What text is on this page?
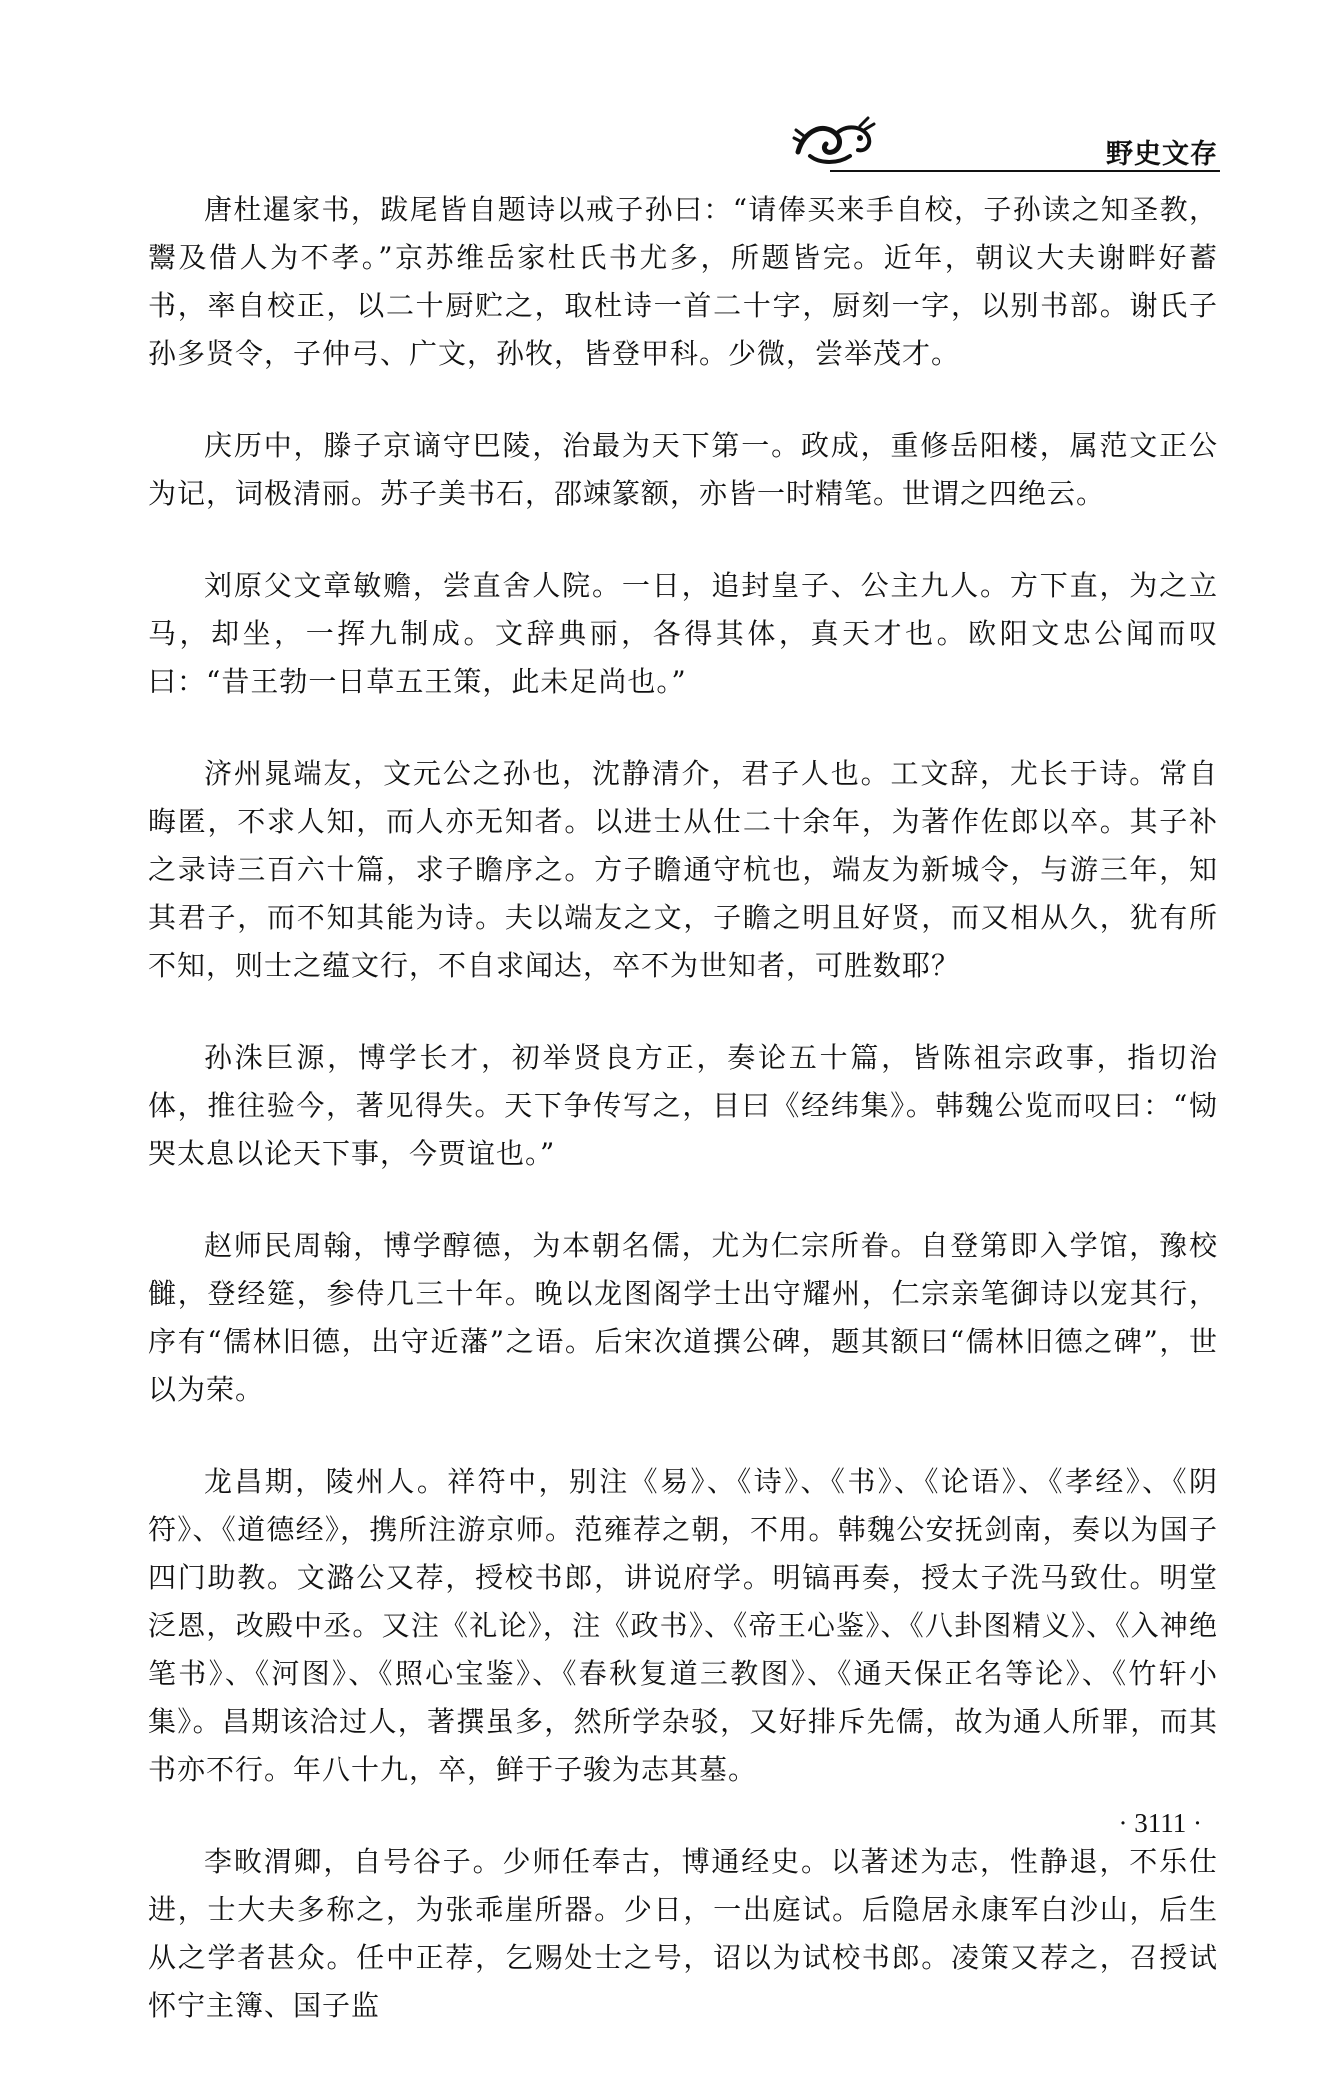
野史文存

唐杜暹家书，跋尾皆自题诗以戒子孙曰：“请俸买来手自校，子孙读之知圣教，鬻及借人为不孝。”京苏维岳家杜氏书尤多，所题皆完。近年，朝议大夫谢畔好蓄书，率自校正，以二十厨贮之，取杜诗一首二十字，厨刻一字，以别书部。谢氏子孙多贤令，子仲弓、广文，孙牧，皆登甲科。少微，尝举茂才。

庆历中，滕子京谪守巴陵，治最为天下第一。政成，重修岳阳楼，属范文正公为记，词极清丽。苏子美书石，邵竦篆额，亦皆一时精笔。世谓之四绝云。

刘原父文章敏赡，尝直舍人院。一日，追封皇子、公主九人。方下直，为之立马，却坐，一挥九制成。文辞典丽，各得其体，真天才也。欧阳文忠公闻而叹曰：“昔王勃一日草五王策，此未足尚也。”

济州晁端友，文元公之孙也，沈静清介，君子人也。工文辞，尤长于诗。常自晦匿，不求人知，而人亦无知者。以进士从仕二十余年，为著作佐郎以卒。其子补之录诗三百六十篇，求子瞻序之。方子瞻通守杭也，端友为新城令，与游三年，知其君子，而不知其能为诗。夫以端友之文，子瞻之明且好贤，而又相从久，犹有所不知，则士之蕴文行，不自求闻达，卒不为世知者，可胜数耶？

孙洙巨源，博学长才，初举贤良方正，奏论五十篇，皆陈祖宗政事，指切治体，推往验今，著见得失。天下争传写之，目曰《经纬集》。韩魏公览而叹曰：“恸哭太息以论天下事，今贾谊也。”

赵师民周翰，博学醇德，为本朝名儒，尤为仁宗所眷。自登第即入学馆，豫校雠，登经筵，参侍几三十年。晚以龙图阁学士出守耀州，仁宗亲笔御诗以宠其行，序有“儒林旧德，出守近藩”之语。后宋次道撰公碑，题其额曰“儒林旧德之碑”，世以为荣。

龙昌期，陵州人。祥符中，别注《易》、《诗》、《书》、《论语》、《孝经》、《阴符》、《道德经》，携所注游京师。范雍荐之朝，不用。韩魏公安抚剑南，奏以为国子四门助教。文潞公又荐，授校书郎，讲说府学。明镐再奏，授太子洗马致仕。明堂泛恩，改殿中丞。又注《礼论》，注《政书》、《帝王心鉴》、《八卦图精义》、《入神绝笔书》、《河图》、《照心宝鉴》、《春秋复道三教图》、《通天保正名等论》、《竹轩小集》。昌期该洽过人，著撰虽多，然所学杂驳，又好排斥先儒，故为通人所罪，而其书亦不行。年八十九，卒，鲜于子骏为志其墓。

李畋渭卿，自号谷子。少师任奉古，博通经史。以著述为志，性静退，不乐仕进，士大夫多称之，为张乖崖所器。少日，一出庭试。后隐居永康军白沙山，后生从之学者甚众。任中正荐，乞赐处士之号，诏以为试校书郎。凌策又荐之，召授试怀宁主簿、国子监

· 3111 ·
